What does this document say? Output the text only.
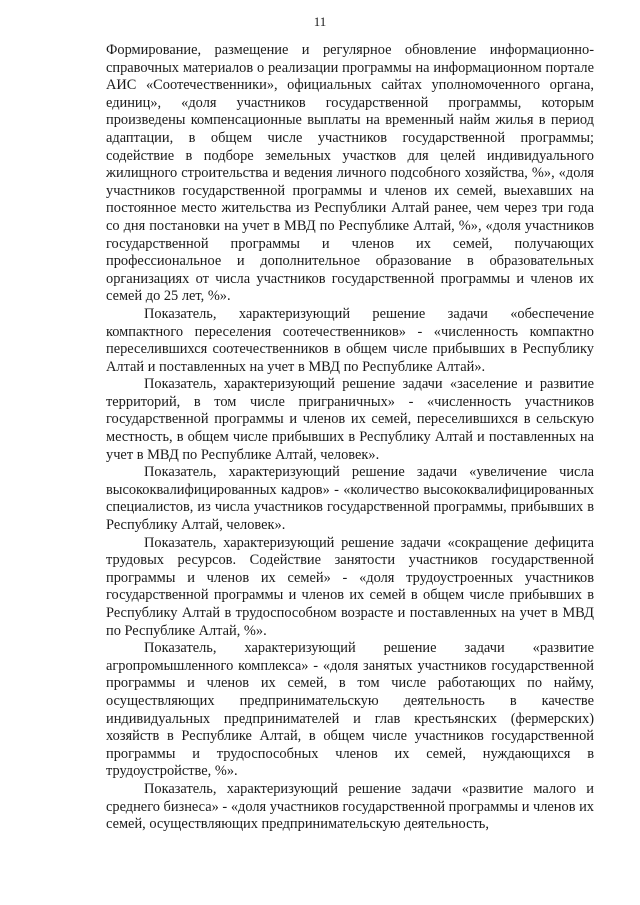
11

Формирование, размещение и регулярное обновление информационно-справочных материалов о реализации программы на информационном портале АИС «Соотечественники», официальных сайтах уполномоченного органа, единиц», «доля участников государственной программы, которым произведены компенсационные выплаты на временный найм жилья в период адаптации, в общем числе участников государственной программы; содействие в подборе земельных участков для целей индивидуального жилищного строительства и ведения личного подсобного хозяйства, %», «доля участников государственной программы и членов их семей, выехавших на постоянное место жительства из Республики Алтай ранее, чем через три года со дня постановки на учет в МВД по Республике Алтай, %», «доля участников государственной программы и членов их семей, получающих профессиональное и дополнительное образование в образовательных организациях от числа участников государственной программы и членов их семей до 25 лет, %».

Показатель, характеризующий решение задачи «обеспечение компактного переселения соотечественников» - «численность компактно переселившихся соотечественников в общем числе прибывших в Республику Алтай и поставленных на учет в МВД по Республике Алтай».

Показатель, характеризующий решение задачи «заселение и развитие территорий, в том числе приграничных» - «численность участников государственной программы и членов их семей, переселившихся в сельскую местность, в общем числе прибывших в Республику Алтай и поставленных на учет в МВД по Республике Алтай, человек».

Показатель, характеризующий решение задачи «увеличение числа высококвалифицированных кадров» - «количество высококвалифицированных специалистов, из числа участников государственной программы, прибывших в Республику Алтай, человек».

Показатель, характеризующий решение задачи «сокращение дефицита трудовых ресурсов. Содействие занятости участников государственной программы и членов их семей» - «доля трудоустроенных участников государственной программы и членов их семей в общем числе прибывших в Республику Алтай в трудоспособном возрасте и поставленных на учет в МВД по Республике Алтай, %».

Показатель, характеризующий решение задачи «развитие агропромышленного комплекса» - «доля занятых участников государственной программы и членов их семей, в том числе работающих по найму, осуществляющих предпринимательскую деятельность в качестве индивидуальных предпринимателей и глав крестьянских (фермерских) хозяйств в Республике Алтай, в общем числе участников государственной программы и трудоспособных членов их семей, нуждающихся в трудоустройстве, %».

Показатель, характеризующий решение задачи «развитие малого и среднего бизнеса» - «доля участников государственной программы и членов их семей, осуществляющих предпринимательскую деятельность,
